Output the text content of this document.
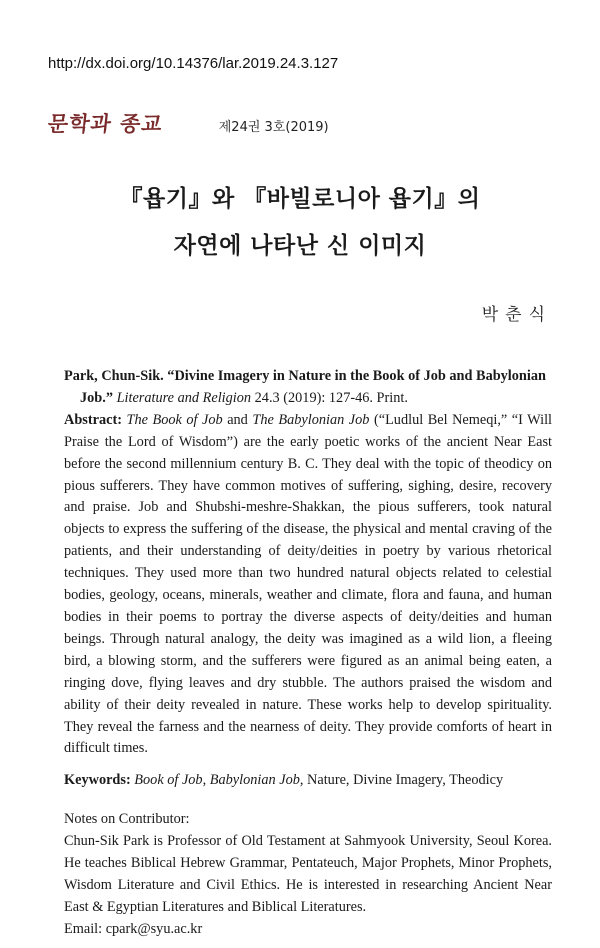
http://dx.doi.org/10.14376/lar.2019.24.3.127
문학과 종교	제24권 3호(2019)
『욥기』와 『바빌로니아 욥기』의
자연에 나타난 신 이미지
박춘식

Park, Chun-Sik. “Divine Imagery in Nature in the Book of Job and Babylonian

Job.” Literature and Religion 24.3 (2019): 127-46. Print.

Abstract: The Book of Job and The Babylonian Job (“Ludlul Bel Nemeqi,” “I Will Praise the Lord of Wisdom”) are the early poetic works of the ancient Near East before the second millennium century B. C. They deal with the topic of theodicy on pious sufferers. They have common motives of suffering, sighing, desire, recovery and praise. Job and Shubshi-meshre-Shakkan, the pious sufferers, took natural objects to express the suffering of the disease, the physical and mental craving of the patients, and their understanding of deity/deities in poetry by various rhetorical techniques. They used more than two hundred natural objects related to celestial bodies, geology, oceans, minerals, weather and climate, flora and fauna, and human bodies in their poems to portray the diverse aspects of deity/deities and human beings. Through natural analogy, the deity was imagined as a wild lion, a fleeing bird, a blowing storm, and the sufferers were figured as an animal being eaten, a ringing dove, flying leaves and dry stubble. The authors praised the wisdom and ability of their deity revealed in nature. These works help to develop spirituality. They reveal the farness and the nearness of deity. They provide comforts of heart in difficult times.

Keywords: Book of Job, Babylonian Job, Nature, Divine Imagery, Theodicy

Notes on Contributor:

Chun-Sik Park is Professor of Old Testament at Sahmyook University, Seoul Korea. He teaches Biblical Hebrew Grammar, Pentateuch, Major Prophets, Minor Prophets, Wisdom Literature and Civil Ethics. He is interested in researching Ancient Near East & Egyptian Literatures and Biblical Literatures.

Email: cpark@syu.ac.kr
